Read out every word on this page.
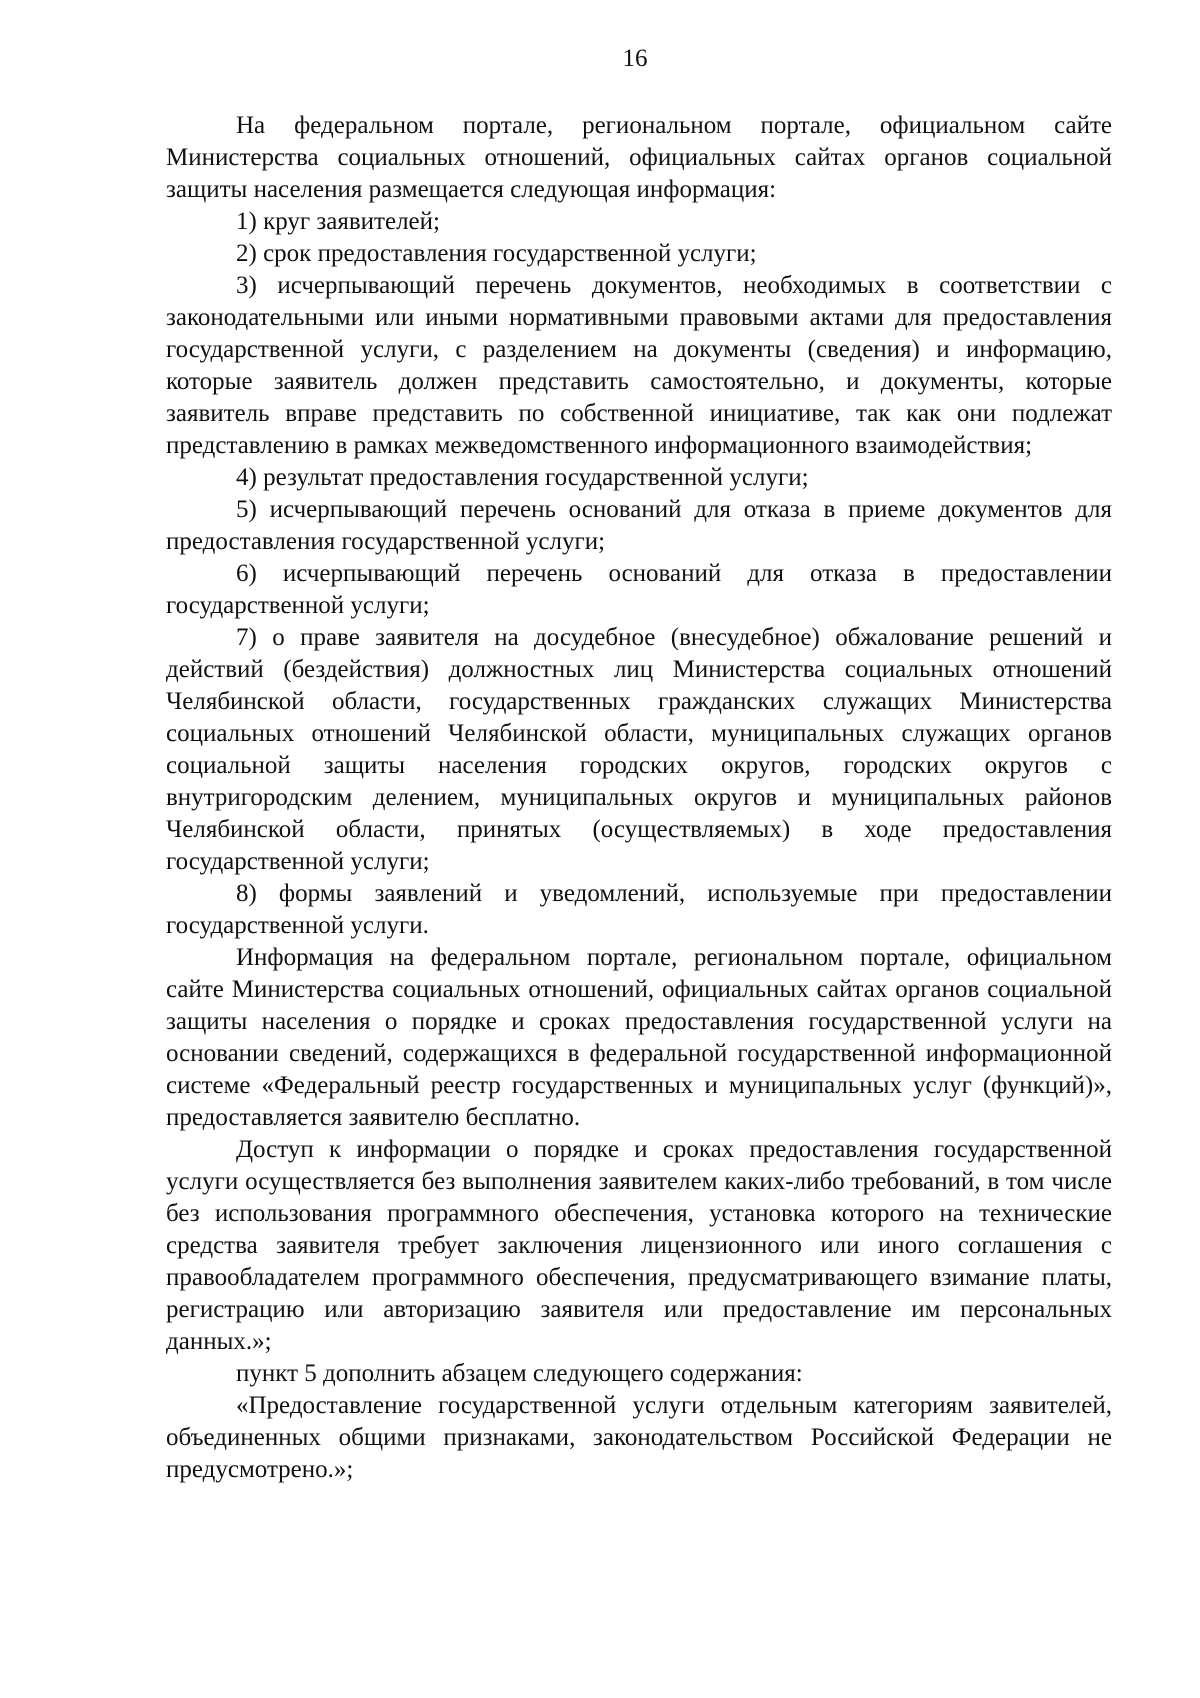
16

На федеральном портале, региональном портале, официальном сайте Министерства социальных отношений, официальных сайтах органов социальной защиты населения размещается следующая информация:

1) круг заявителей;

2) срок предоставления государственной услуги;

3) исчерпывающий перечень документов, необходимых в соответствии с законодательными или иными нормативными правовыми актами для предоставления государственной услуги, с разделением на документы (сведения) и информацию, которые заявитель должен представить самостоятельно, и документы, которые заявитель вправе представить по собственной инициативе, так как они подлежат представлению в рамках межведомственного информационного взаимодействия;

4) результат предоставления государственной услуги;

5) исчерпывающий перечень оснований для отказа в приеме документов для предоставления государственной услуги;

6) исчерпывающий перечень оснований для отказа в предоставлении государственной услуги;

7) о праве заявителя на досудебное (внесудебное) обжалование решений и действий (бездействия) должностных лиц Министерства социальных отношений Челябинской области, государственных гражданских служащих Министерства социальных отношений Челябинской области, муниципальных служащих органов социальной защиты населения городских округов, городских округов с внутригородским делением, муниципальных округов и муниципальных районов Челябинской области, принятых (осуществляемых) в ходе предоставления государственной услуги;

8) формы заявлений и уведомлений, используемые при предоставлении государственной услуги.

Информация на федеральном портале, региональном портале, официальном сайте Министерства социальных отношений, официальных сайтах органов социальной защиты населения о порядке и сроках предоставления государственной услуги на основании сведений, содержащихся в федеральной государственной информационной системе «Федеральный реестр государственных и муниципальных услуг (функций)», предоставляется заявителю бесплатно.

Доступ к информации о порядке и сроках предоставления государственной услуги осуществляется без выполнения заявителем каких-либо требований, в том числе без использования программного обеспечения, установка которого на технические средства заявителя требует заключения лицензионного или иного соглашения с правообладателем программного обеспечения, предусматривающего взимание платы, регистрацию или авторизацию заявителя или предоставление им персональных данных.»;

пункт 5 дополнить абзацем следующего содержания:

«Предоставление государственной услуги отдельным категориям заявителей, объединенных общими признаками, законодательством Российской Федерации не предусмотрено.»;
